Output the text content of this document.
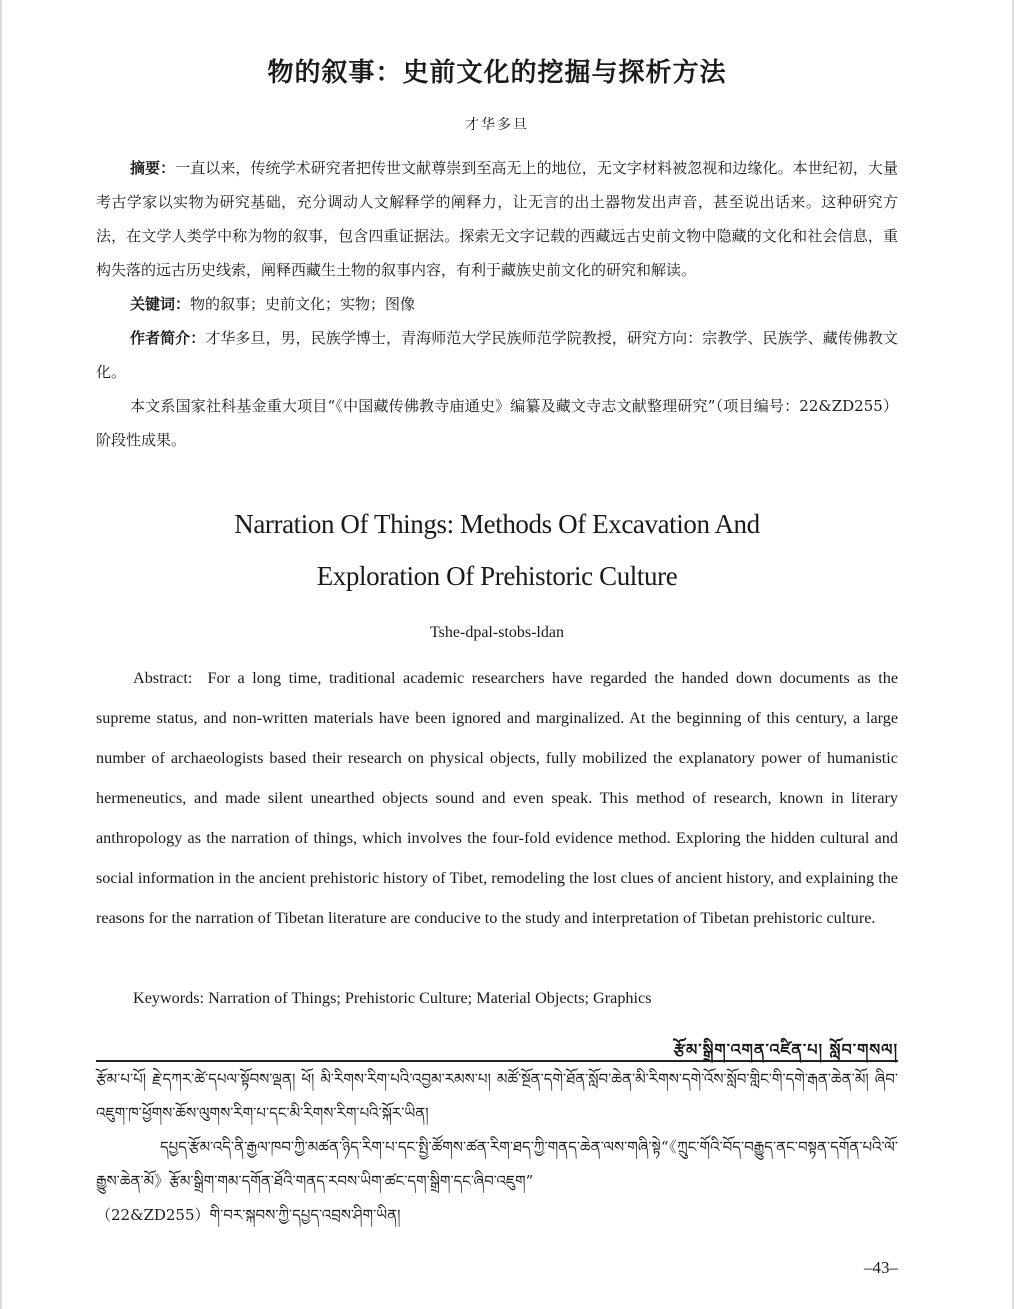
物的叙事：史前文化的挖掘与探析方法
才华多旦

摘要：一直以来，传统学术研究者把传世文献尊崇到至高无上的地位，无文字材料被忽视和边缘化。本世纪初，大量考古学家以实物为研究基础，充分调动人文解释学的阐释力，让无言的出土器物发出声音，甚至说出话来。这种研究方法，在文学人类学中称为物的叙事，包含四重证据法。探索无文字记载的西藏远古史前文物中隐藏的文化和社会信息，重构失落的远古历史线索，阐释西藏生土物的叙事内容，有利于藏族史前文化的研究和解读。

关键词：物的叙事；史前文化；实物；图像

作者简介：才华多旦，男，民族学博士，青海师范大学民族师范学院教授，研究方向：宗教学、民族学、藏传佛教文化。

本文系国家社科基金重大项目“《中国藏传佛教寺庙通史》编纂及藏文寺志文献整理研究”（项目编号：22&ZD255）阶段性成果。

Narration Of Things: Methods Of Excavation And
Exploration Of Prehistoric Culture
Tshe-dpal-stobs-ldan

Abstract: For a long time, traditional academic researchers have regarded the handed down documents as the supreme status, and non-written materials have been ignored and marginalized. At the beginning of this century, a large number of archaeologists based their research on physical objects, fully mobilized the explanatory power of humanistic hermeneutics, and made silent unearthed objects sound and even speak. This method of research, known in literary anthropology as the narration of things, which involves the four-fold evidence method. Exploring the hidden cultural and social information in the ancient prehistoric history of Tibet, remodeling the lost clues of ancient history, and explaining the reasons for the narration of Tibetan literature are conducive to the study and interpretation of Tibetan prehistoric culture.

Keywords: Narration of Things; Prehistoric Culture; Material Objects; Graphics
རྩོམ་སྒྲིག་འགན་འཛིན་པ། སློབ་གསལ།

རྩོམ་པ་པོ། རྗེ་དཀར་ཚེ་དཔལ་སྟོབས་ལྡན། ཕོ། མི་རིགས་རིག་པའི་འབྱམ་རམས་པ། མཚོ་སྔོན་དགེ་ཐོན་སློབ་ཆེན་མི་རིགས་དགེ་འོས་སློབ་གླིང་གི་དགེ་རྒན་ཆེན་མོ། ཞིབ་འཇུག་ཁ་ཕྱོགས་ཆོས་ལུགས་རིག་པ་དང་མི་རིགས་རིག་པའི་སྐོར་ཡིན།

དཔྱད་རྩོམ་འདི་ནི་རྒྱལ་ཁབ་ཀྱི་མཚན་ཉིད་རིག་པ་དང་སྤྱི་ཚོགས་ཚན་རིག་ཐད་ཀྱི་གནད་ཆེན་ལས་གཞི་སྟེ“《ཀྲུང་གོའི་བོད་བརྒྱུད་ནང་བསྟན་དགོན་པའི་ལོ་རྒྱུས་ཆེན་མོ》རྩོམ་སྒྲིག་གམ་དགོན་ཐོའི་གནད་རབས་ཡིག་ཚང་དག་སྒྲིག་དང་ཞིབ་འཇུག”

（22&ZD255）གི་བར་སྐབས་ཀྱི་དཔྱད་འབྲས་ཤིག་ཡིན།

–43–
